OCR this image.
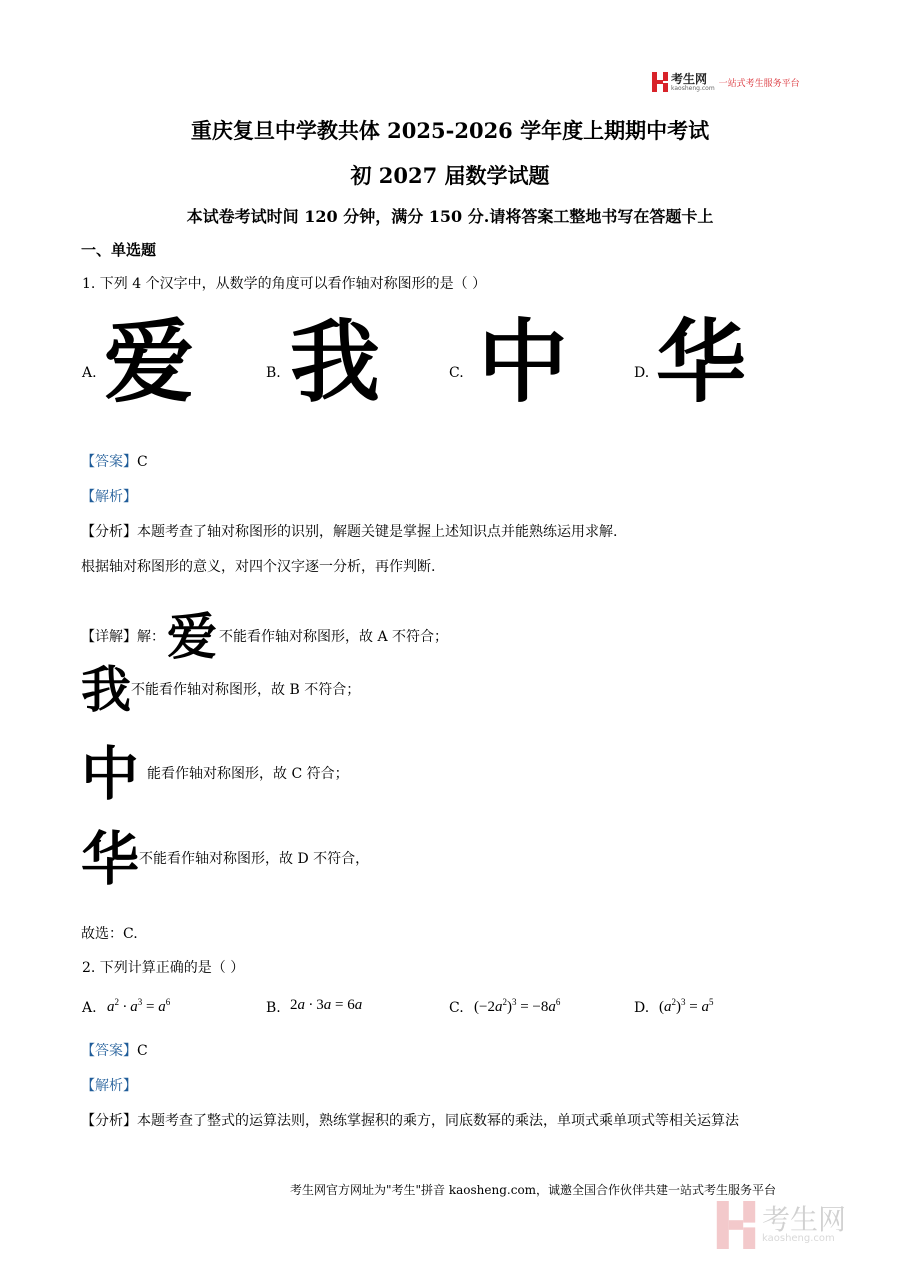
考生网
kaosheng.com 一站式考生服务平台
重庆复旦中学教共体 2025-2026 学年度上期期中考试
初 2027 届数学试题
本试卷考试时间 120 分钟，满分 150 分.请将答案工整地书写在答题卡上
一、单选题
1. 下列 4 个汉字中，从数学的角度可以看作轴对称图形的是（ ）
A. 爱	B. 我	C. 中	D. 华
【答案】C
【解析】
【分析】本题考查了轴对称图形的识别，解题关键是掌握上述知识点并能熟练运用求解.
根据轴对称图形的意义，对四个汉字逐一分析，再作判断.
【详解】 解： 爱 不能看作轴对称图形，故 A 不符合；
我 不能看作轴对称图形，故 B 不符合；
中 能看作轴对称图形，故 C 符合；
华 不能看作轴对称图形，故 D 不符合，
故选：C.
2. 下列计算正确的是（ ）
A. $a^2 \cdot a^3 = a^6$	B. 2a · 3a = 6a	C. $(-2a^2)^3 = -8a^6$	D. $(a^2)^3 = a^5$
【答案】C
【解析】
【分析】本题考查了整式的运算法则，熟练掌握积的乘方，同底数幂的乘法，单项式乘单项式等相关运算法
考生网官方网址为"考生"拼音 kaosheng.com，诚邀全国合作伙伴共建一站式考生服务平台
考生网
kaosheng.com
